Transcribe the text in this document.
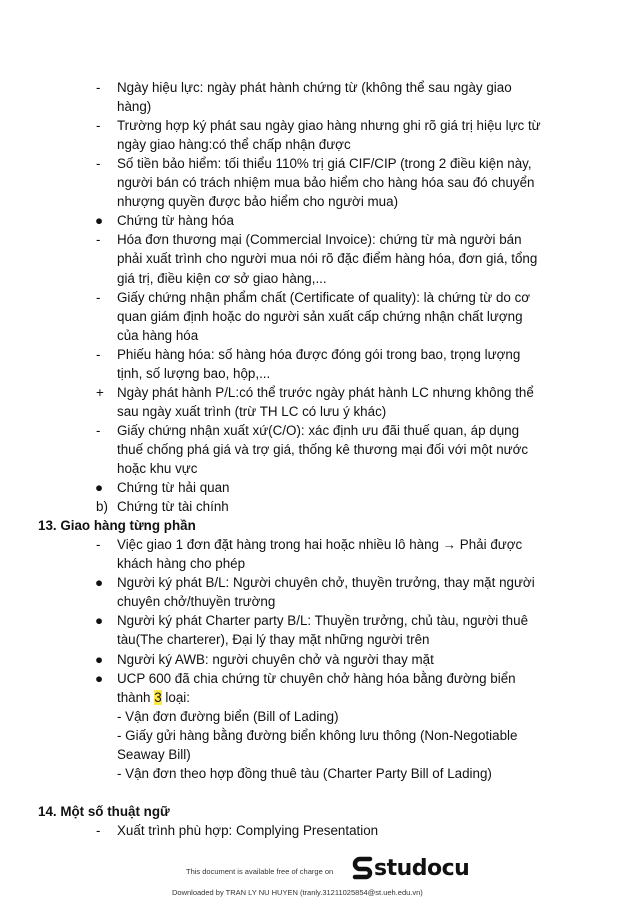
- Ngày hiệu lực: ngày phát hành chứng từ (không thể sau ngày giao
hàng)
- Trường hợp ký phát sau ngày giao hàng nhưng ghi rõ giá trị hiệu lực từ
ngày giao hàng:có thể chấp nhận được
- Số tiền bảo hiểm: tối thiểu 110% trị giá CIF/CIP (trong 2 điều kiện này,
người bán có trách nhiệm mua bảo hiểm cho hàng hóa sau đó chuyển
nhượng quyền được bảo hiểm cho người mua)
● Chứng từ hàng hóa
- Hóa đơn thương mại (Commercial Invoice): chứng từ mà người bán
phải xuất trình cho người mua nói rõ đặc điểm hàng hóa, đơn giá, tổng
giá trị, điều kiện cơ sở giao hàng,...
- Giấy chứng nhận phẩm chất (Certificate of quality): là chứng từ do cơ
quan giám định hoặc do người sản xuất cấp chứng nhận chất lượng
của hàng hóa
- Phiếu hàng hóa: số hàng hóa được đóng gói trong bao, trọng lượng
tịnh, số lượng bao, hộp,...
+ Ngày phát hành P/L:có thể trước ngày phát hành LC nhưng không thể
sau ngày xuất trình (trừ TH LC có lưu ý khác)
- Giấy chứng nhận xuất xứ(C/O): xác định ưu đãi thuế quan, áp dụng
thuế chống phá giá và trợ giá, thống kê thương mại đối với một nước
hoặc khu vực
● Chứng từ hải quan
b) Chứng từ tài chính
13. Giao hàng từng phần
- Việc giao 1 đơn đặt hàng trong hai hoặc nhiều lô hàng → Phải được
khách hàng cho phép
● Người ký phát B/L: Người chuyên chở, thuyền trưởng, thay mặt người
chuyên chở/thuyền trường
● Người ký phát Charter party B/L: Thuyền trưởng, chủ tàu, người thuê
tàu(The charterer), Đại lý thay mặt những người trên
● Người ký AWB: người chuyên chở và người thay mặt
● UCP 600 đã chia chứng từ chuyên chở hàng hóa bằng đường biển
thành 3 loại:
- Vận đơn đường biển (Bill of Lading)
- Giấy gửi hàng bằng đường biển không lưu thông (Non-Negotiable
Seaway Bill)
- Vận đơn theo hợp đồng thuê tàu (Charter Party Bill of Lading)
14. Một số thuật ngữ
- Xuất trình phù hợp: Complying Presentation
This document is available free of charge on studocu
Downloaded by TRAN LY NU HUYEN (tranly.31211025854@st.ueh.edu.vn)
